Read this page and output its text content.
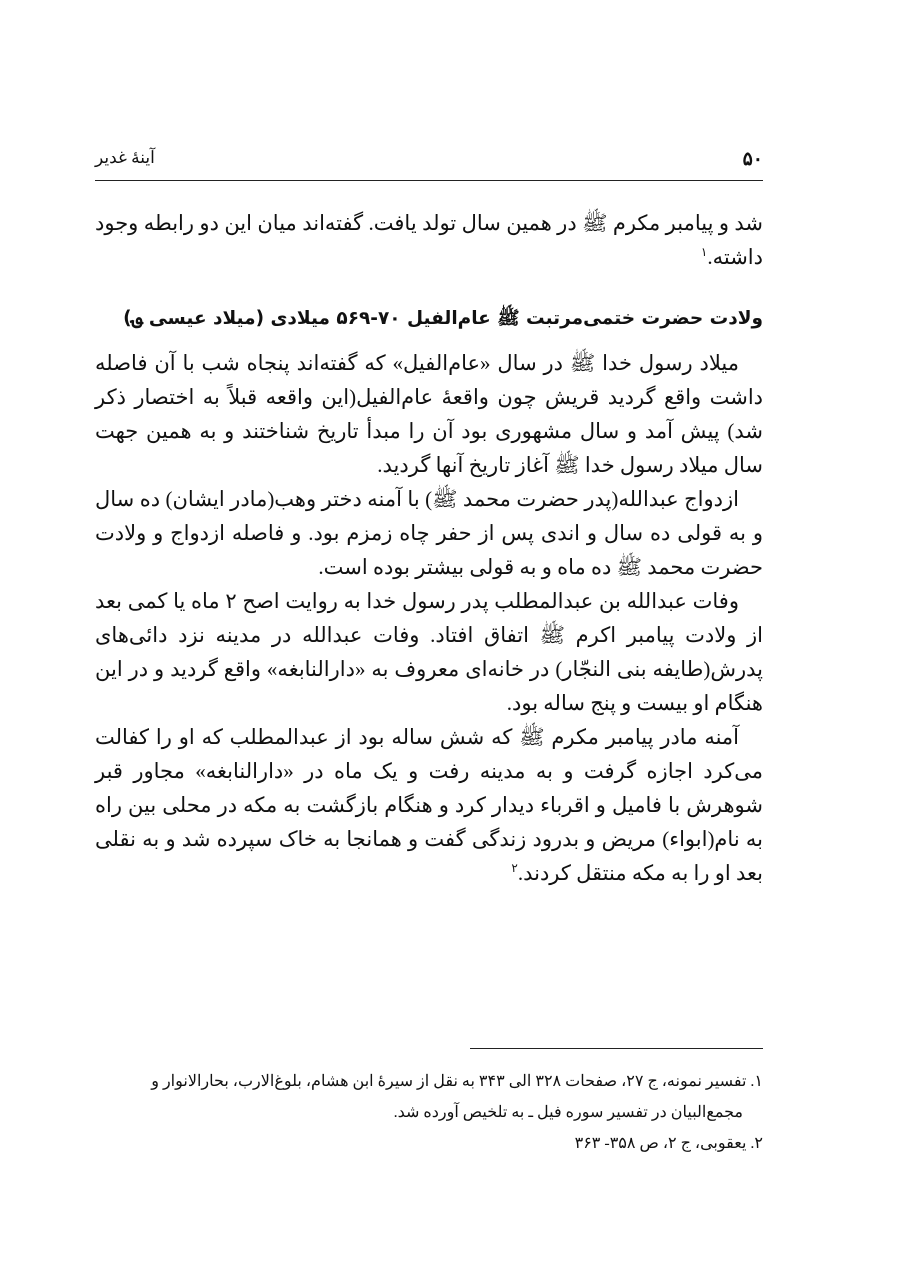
۵۰
آینهٔ غدیر

شد و پیامبر مکرم ﷺ در همین سال تولد یافت. گفته‌اند میان این دو رابطه وجود داشته.$^۱$

ولادت حضرت ختمی‌مرتبت ﷺ عام‌الفیل ۷۰-۵۶۹ میلادی (میلاد عیسی ؈)

میلاد رسول خدا ﷺ در سال «عام‌الفیل» که گفته‌اند پنجاه شب با آن فاصله داشت واقع گردید قریش چون واقعهٔ عام‌الفیل(این واقعه قبلاً به اختصار ذکر شد) پیش آمد و سال مشهوری بود آن را مبدأ تاریخ شناختند و به همین جهت سال میلاد رسول خدا ﷺ آغاز تاریخ آنها گردید.

ازدواج عبدالله(پدر حضرت محمد ﷺ) با آمنه دختر وهب(مادر ایشان) ده سال و به قولی ده سال و اندی پس از حفر چاه زمزم بود. و فاصله ازدواج و ولادت حضرت محمد ﷺ ده ماه و به قولی بیشتر بوده است.

وفات عبدالله بن عبدالمطلب پدر رسول خدا به روایت اصح ۲ ماه یا کمی بعد از ولادت پیامبر اکرم ﷺ اتفاق افتاد. وفات عبدالله در مدینه نزد دائی‌های پدرش(طایفه بنی النجّار) در خانه‌ای معروف به «دارالنابغه» واقع گردید و در این هنگام او بیست و پنج ساله بود.

آمنه مادر پیامبر مکرم ﷺ که شش ساله بود از عبدالمطلب که او را کفالت می‌کرد اجازه گرفت و به مدینه رفت و یک ماه در «دارالنابغه» مجاور قبر شوهرش با فامیل و اقرباء دیدار کرد و هنگام بازگشت به مکه در محلی بین راه به نام(ابواء) مریض و بدرود زندگی گفت و همانجا به خاک سپرده شد و به نقلی بعد او را به مکه منتقل کردند.$^۲$

۱. تفسیر نمونه، ج ۲۷، صفحات ۳۲۸ الی ۳۴۳ به نقل از سیرهٔ ابن هشام، بلوغ‌الارب، بحارالانوار و
مجمع‌البیان در تفسیر سوره فیل ـ به تلخیص آورده شد.

۲. یعقوبی، ج ۲، ص ۳۵۸- ۳۶۳
